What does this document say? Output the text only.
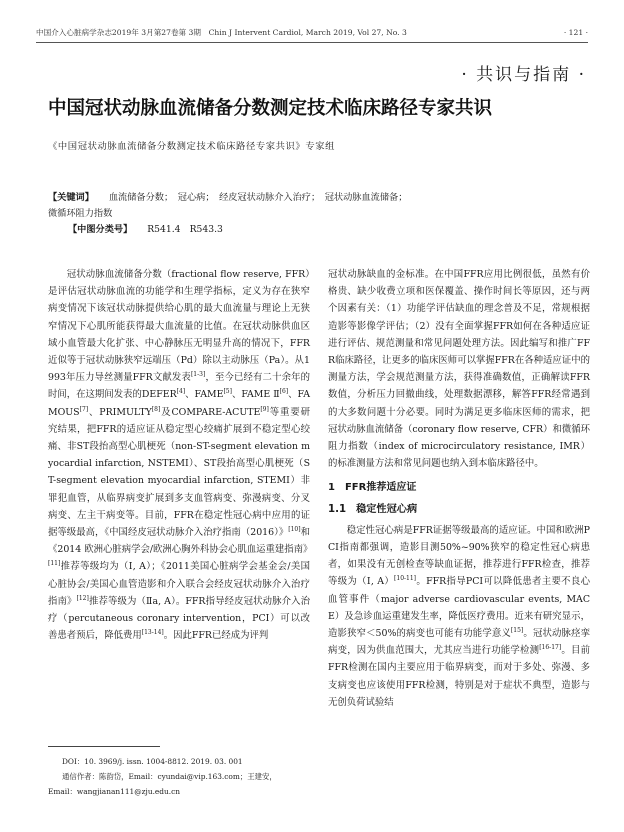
中国介入心脏病学杂志2019年 3月第27卷第 3期　Chin J Intervent Cardiol, March 2019, Vol 27, No. 3	· 121 ·
· 共识与指南 ·
中国冠状动脉血流储备分数测定技术临床路径专家共识
《中国冠状动脉血流储备分数测定技术临床路径专家共识》专家组
【关键词】 血流储备分数；　冠心病；　经皮冠状动脉介入治疗；　冠状动脉血流储备；
微循环阻力指数
【中图分类号】 R541.4　R543.3

冠状动脉血流储备分数（fractional flow reserve, FFR）是评估冠状动脉血流的功能学和生理学指标，定义为存在狭窄病变情况下该冠状动脉提供给心肌的最大血流量与理论上无狭窄情况下心肌所能获得最大血流量的比值。在冠状动脉供血区域小血管最大化扩张、中心静脉压无明显升高的情况下，FFR近似等于冠状动脉狭窄远端压（Pd）除以主动脉压（Pa）。从1993年压力导丝测量FFR文献发表[1-3]，至今已经有二十余年的时间，在这期间发表的DEFER[4]、FAME[5]、FAME Ⅱ[6]、FAMOUS[7]、PRIMULTY[8]及COMPARE-ACUTE[9]等重要研究结果，把FFR的适应证从稳定型心绞痛扩展到不稳定型心绞痛、非ST段抬高型心肌梗死（non-ST-segment elevation myocardial infarction, NSTEMI）、ST段抬高型心肌梗死（ST-segment elevation myocardial infarction, STEMI）非罪犯血管，从临界病变扩展到多支血管病变、弥漫病变、分叉病变、左主干病变等。目前，FFR在稳定性冠心病中应用的证据等级最高，《中国经皮冠状动脉介入治疗指南（2016）》[10]和《2014 欧洲心脏病学会/欧洲心胸外科协会心肌血运重建指南》[11]推荐等级均为（Ⅰ, A）；《2011美国心脏病学会基金会/美国心脏协会/美国心血管造影和介入联合会经皮冠状动脉介入治疗指南》[12]推荐等级为（Ⅱa, A）。FFR指导经皮冠状动脉介入治疗（percutaneous coronary intervention，PCI）可以改善患者预后，降低费用[13-14]。因此FFR已经成为评判

冠状动脉缺血的金标准。在中国FFR应用比例很低，虽然有价格贵、缺少收费立项和医保覆盖、操作时间长等原因，还与两个因素有关：（1）功能学评估缺血的理念普及不足，常规根据造影等影像学评估；（2）没有全面掌握FFR如何在各种适应证进行评估、规范测量和常见问题处理方法。因此编写和推广FFR临床路径，让更多的临床医师可以掌握FFR在各种适应证中的测量方法，学会规范测量方法，获得准确数值，正确解读FFR数值，分析压力回撤曲线，处理数据漂移，解答FFR经常遇到的大多数问题十分必要。同时为满足更多临床医师的需求，把冠状动脉血流储备（coronary flow reserve, CFR）和微循环阻力指数（index of microcirculatory resistance, IMR）的标准测量方法和常见问题也纳入到本临床路径中。

1 FFR推荐适应证

1.1 稳定性冠心病

稳定性冠心病是FFR证据等级最高的适应证。中国和欧洲PCI指南都强调，造影目测50%~90%狭窄的稳定性冠心病患者，如果没有无创检查等缺血证据，推荐进行FFR检查，推荐等级为（Ⅰ, A）[10-11]。FFR指导PCI可以降低患者主要不良心血管事件（major adverse cardiovascular events, MACE）及急诊血运重建发生率，降低医疗费用。近来有研究显示，造影狭窄＜50%的病变也可能有功能学意义[15]。冠状动脉痉挛病变，因为供血范围大，尤其应当进行功能学检测[16-17]。目前FFR检测在国内主要应用于临界病变，而对于多处、弥漫、多支病变也应该使用FFR检测，特别是对于症状不典型，造影与无创负荷试验结

DOI：10. 3969/j. issn. 1004-8812. 2019. 03. 001
通信作者：陈韵岱，Email：cyundai@vip.163.com；王建安，
Email：wangjianan111@zju.edu.cn
